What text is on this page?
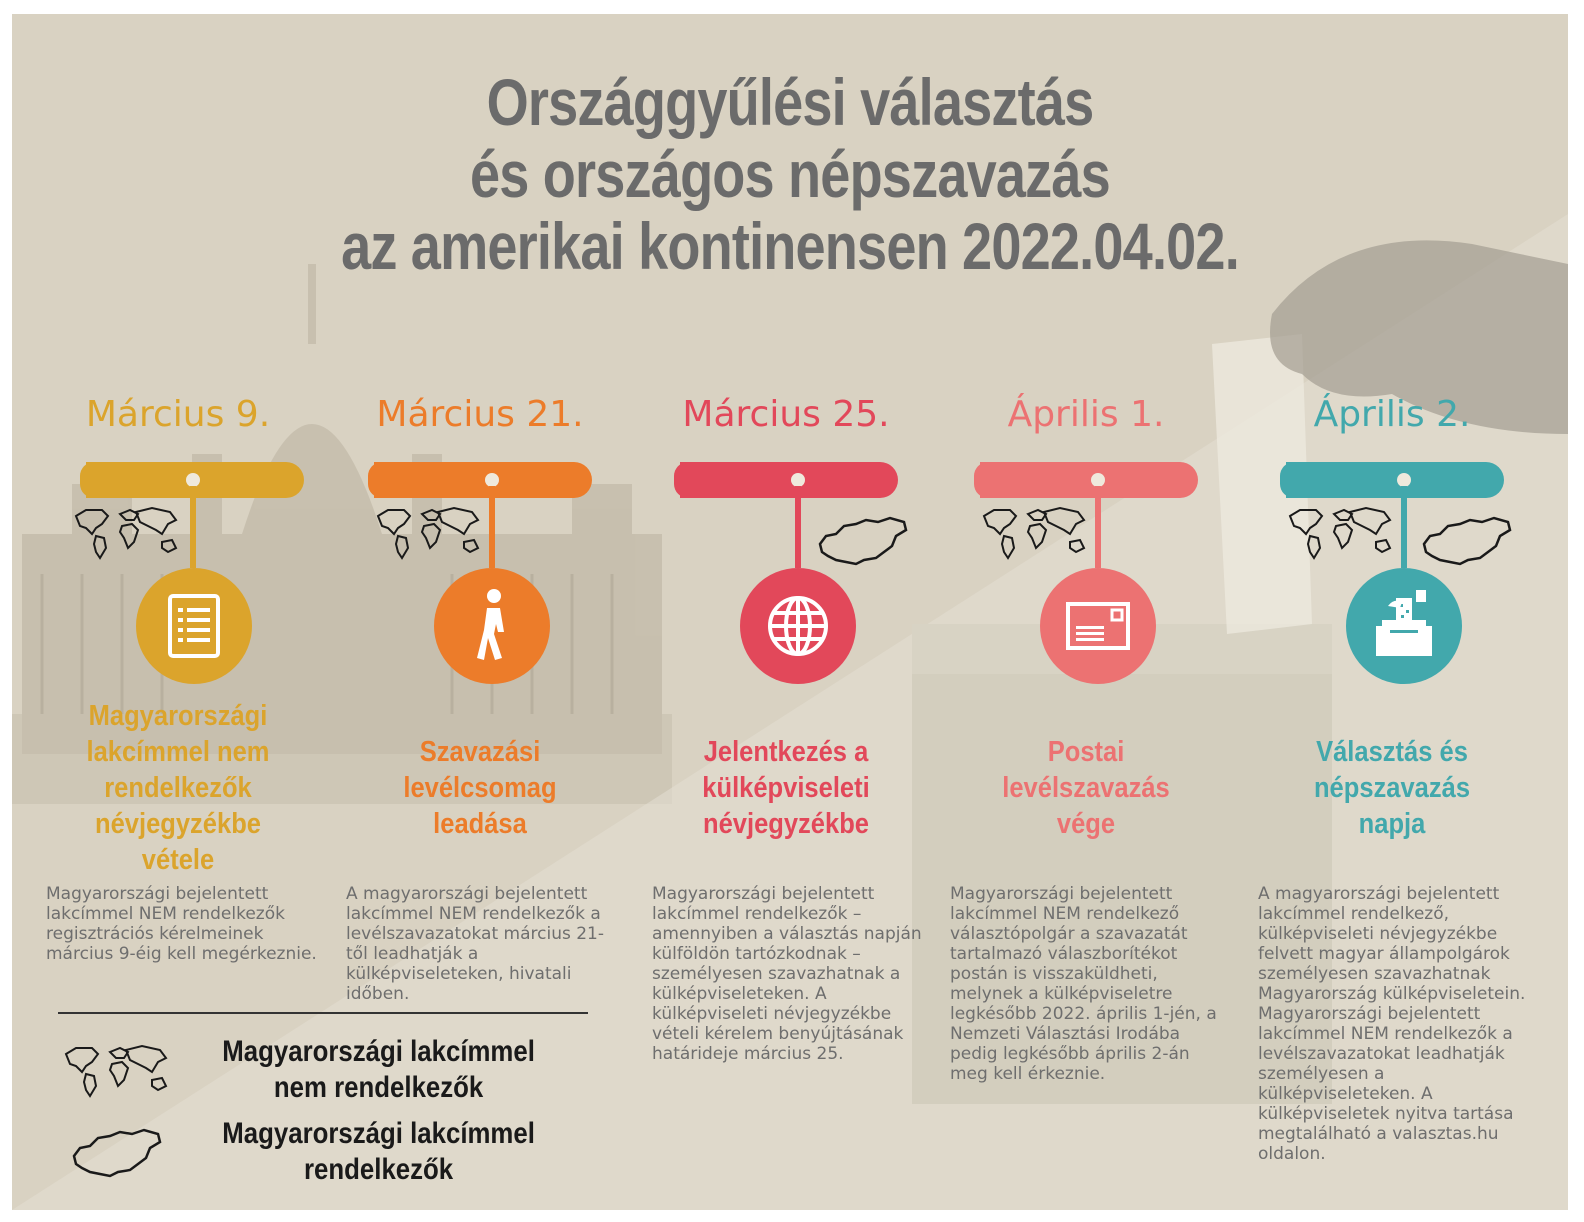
Országgyűlési választás
és országos népszavazás
az amerikai kontinensen 2022.04.02.
Március 9.
Magyarországi
lakcímmel nem
rendelkezők
névjegyzékbe
vétele
Magyarországi bejelentett lakcímmel NEM rendelkezők regisztrációs kérelmeinek március 9-éig kell megérkeznie.
Március 21.
Szavazási
levélcsomag
leadása
A magyarországi bejelentett lakcímmel NEM rendelkezők a levélszavazatokat március 21-től leadhatják a külképviseleteken, hivatali időben.
Március 25.
Jelentkezés a
külképviseleti
névjegyzékbe
Magyarországi bejelentett lakcímmel rendelkezők – amennyiben a választás napján külföldön tartózkodnak – személyesen szavazhatnak a külképviseleteken. A külképviseleti névjegyzékbe vételi kérelem benyújtásának határideje március 25.
Április 1.
Postai
levélszavazás
vége
Magyarországi bejelentett lakcímmel NEM rendelkező választópolgár a szavazatát tartalmazó válaszborítékot postán is visszaküldheti, melynek a külképviseletre legkésőbb 2022. április 1-jén, a Nemzeti Választási Irodába pedig legkésőbb április 2-án meg kell érkeznie.
Április 2.
Választás és
népszavazás
napja
A magyarországi bejelentett lakcímmel rendelkező, külképviseleti névjegyzékbe felvett magyar állampolgárok személyesen szavazhatnak Magyarország külképviseletein. Magyarországi bejelentett lakcímmel NEM rendelkezők a levélszavazatokat leadhatják személyesen a külképviseleteken. A külképviseletek nyitva tartása megtalálható a valasztas.hu oldalon.
Magyarországi lakcímmel
nem rendelkezők
Magyarországi lakcímmel
rendelkezők
